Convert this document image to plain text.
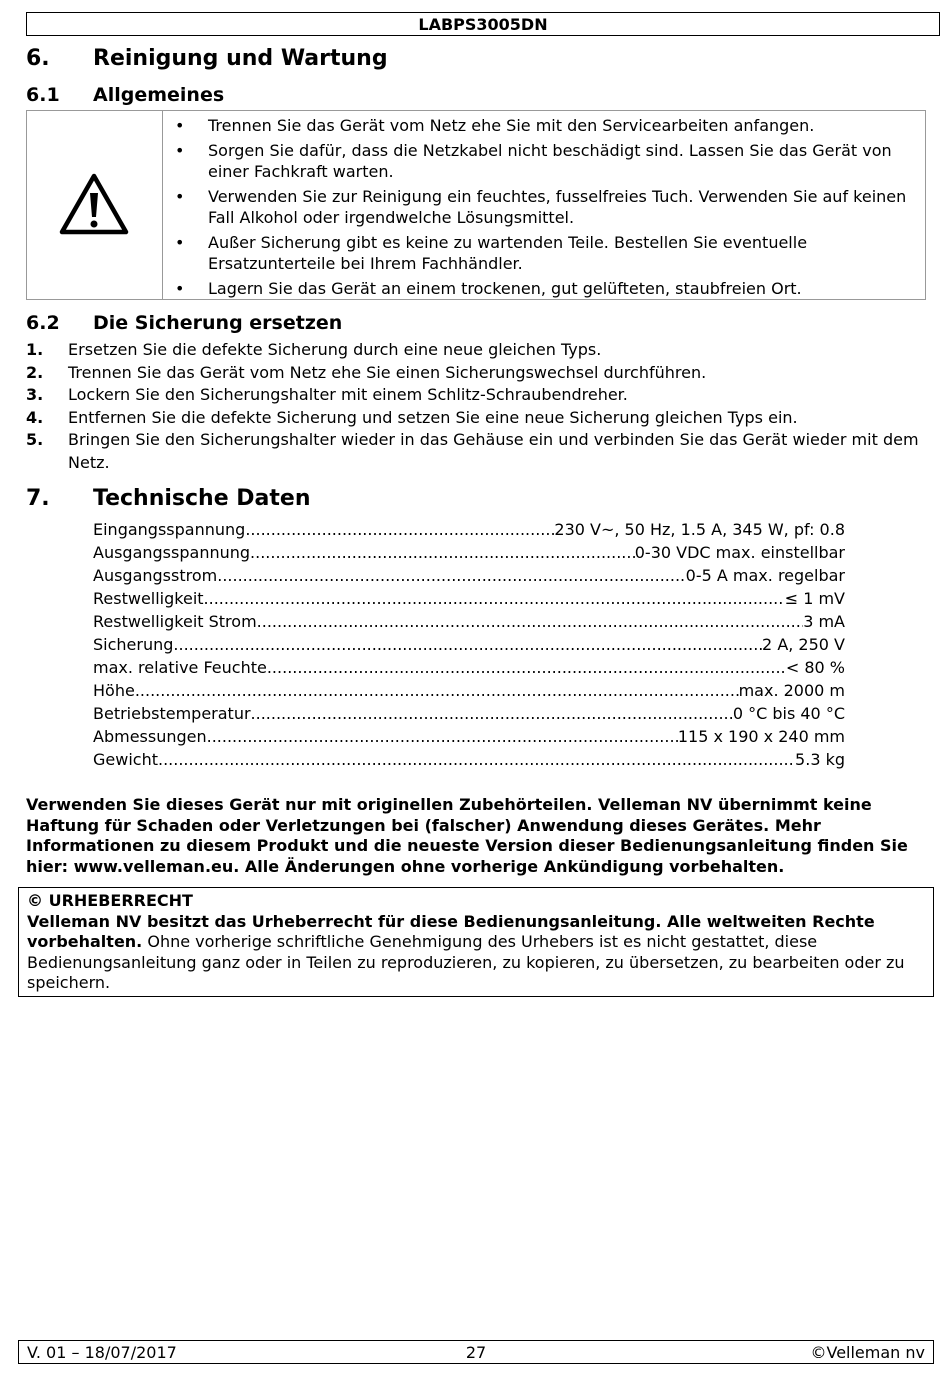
LABPS3005DN
6. Reinigung und Wartung
6.1 Allgemeines
• Trennen Sie das Gerät vom Netz ehe Sie mit den Servicearbeiten anfangen.
• Sorgen Sie dafür, dass die Netzkabel nicht beschädigt sind. Lassen Sie das Gerät von einer Fachkraft warten.
• Verwenden Sie zur Reinigung ein feuchtes, fusselfreies Tuch. Verwenden Sie auf keinen Fall Alkohol oder irgendwelche Lösungsmittel.
• Außer Sicherung gibt es keine zu wartenden Teile. Bestellen Sie eventuelle Ersatzunterteile bei Ihrem Fachhändler.
• Lagern Sie das Gerät an einem trockenen, gut gelüfteten, staubfreien Ort.
6.2 Die Sicherung ersetzen
1. Ersetzen Sie die defekte Sicherung durch eine neue gleichen Typs.
2. Trennen Sie das Gerät vom Netz ehe Sie einen Sicherungswechsel durchführen.
3. Lockern Sie den Sicherungshalter mit einem Schlitz-Schraubendreher.
4. Entfernen Sie die defekte Sicherung und setzen Sie eine neue Sicherung gleichen Typs ein.
5. Bringen Sie den Sicherungshalter wieder in das Gehäuse ein und verbinden Sie das Gerät wieder mit dem Netz.
7. Technische Daten
Eingangsspannung .....	230 V~, 50 Hz, 1.5 A, 345 W, pf: 0.8
Ausgangsspannung .....	0-30 VDC max. einstellbar
Ausgangsstrom .....	0-5 A max. regelbar
Restwelligkeit .....	≤ 1 mV
Restwelligkeit Strom .....	3 mA
Sicherung .....	2 A, 250 V
max. relative Feuchte .....	< 80 %
Höhe .....	max. 2000 m
Betriebstemperatur .....	0 °C bis 40 °C
Abmessungen .....	115 x 190 x 240 mm
Gewicht .....	5.3 kg
Verwenden Sie dieses Gerät nur mit originellen Zubehörteilen. Velleman NV übernimmt keine Haftung für Schaden oder Verletzungen bei (falscher) Anwendung dieses Gerätes. Mehr Informationen zu diesem Produkt und die neueste Version dieser Bedienungsanleitung finden Sie hier: www.velleman.eu. Alle Änderungen ohne vorherige Ankündigung vorbehalten.
© URHEBERRECHT
Velleman NV besitzt das Urheberrecht für diese Bedienungsanleitung. Alle weltweiten Rechte vorbehalten. Ohne vorherige schriftliche Genehmigung des Urhebers ist es nicht gestattet, diese Bedienungsanleitung ganz oder in Teilen zu reproduzieren, zu kopieren, zu übersetzen, zu bearbeiten oder zu speichern.
V. 01 – 18/07/2017	27	©Velleman nv
